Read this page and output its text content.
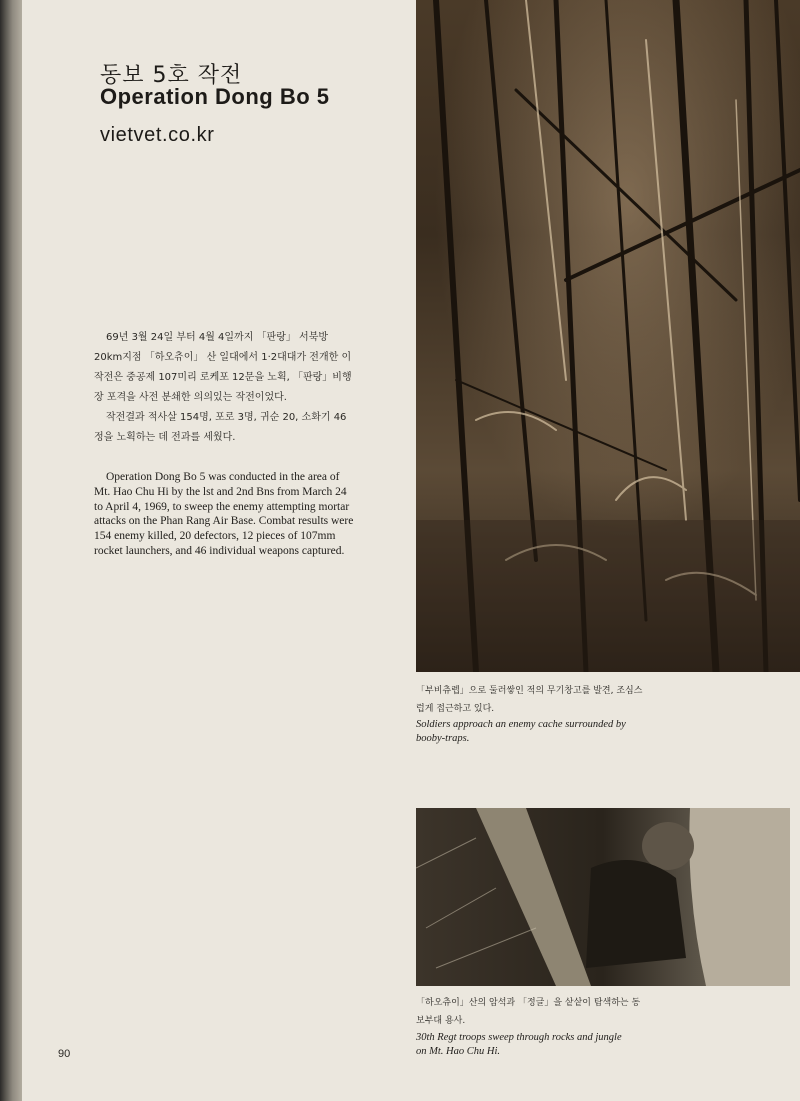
동보 5호 작전
Operation Dong Bo 5
vietvet.co.kr

69년 3월 24일 부터 4월 4일까지 「판랑」 서북방 20km지점 「하오츄이」 산 일대에서 1·2대대가 전개한 이 작전은 중공제 107미리 로케포 12문을 노획, 「판랑」비행장 포격을 사전 분쇄한 의의있는 작전이었다.

작전결과 적사살 154명, 포로 3명, 귀순 20, 소화기 46정을 노획하는 데 전과를 세웠다.

Operation Dong Bo 5 was conducted in the area of Mt. Hao Chu Hi by the lst and 2nd Bns from March 24 to April 4, 1969, to sweep the enemy attempting mortar attacks on the Phan Rang Air Base. Combat results were 154 enemy killed, 20 defectors, 12 pieces of 107mm rocket launchers, and 46 individual weapons captured.

「부비츄렙」으로 둘러쌓인 적의 무기창고를 발견, 조심스럽게 접근하고 있다.
Soldiers approach an enemy cache surrounded by booby-traps.
「하오츄이」산의 암석과 「정글」을 샅샅이 탐색하는 동보부대 용사.
30th Regt troops sweep through rocks and jungle on Mt. Hao Chu Hi.
90
